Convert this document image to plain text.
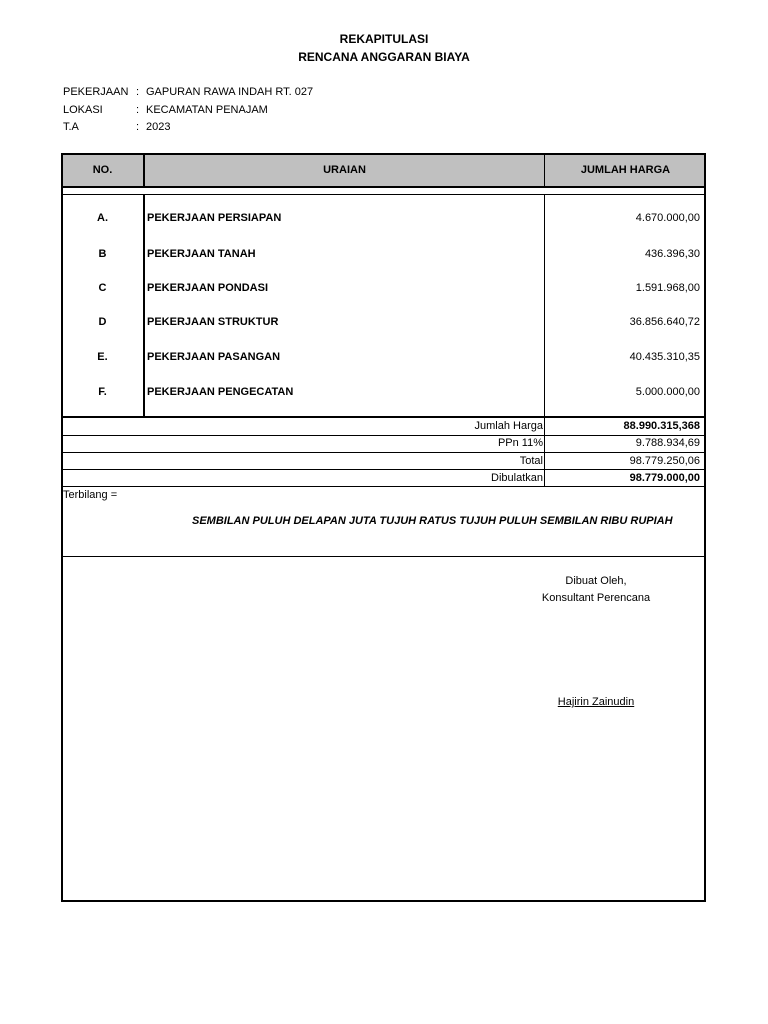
REKAPITULASI
RENCANA ANGGARAN BIAYA
PEKERJAAN : GAPURAN RAWA INDAH RT. 027
LOKASI	: KECAMATAN PENAJAM
T.A	: 2023
NO.	URAIAN	JUMLAH HARGA
A.	PEKERJAAN PERSIAPAN	4.670.000,00
B	PEKERJAAN TANAH	436.396,30
C	PEKERJAAN PONDASI	1.591.968,00
D	PEKERJAAN STRUKTUR	36.856.640,72
E.	PEKERJAAN PASANGAN	40.435.310,35
F.	PEKERJAAN PENGECATAN	5.000.000,00
Jumlah Harga	88.990.315,368
PPn 11%	9.788.934,69
Total	98.779.250,06
Dibulatkan	98.779.000,00
Terbilang =
SEMBILAN PULUH DELAPAN JUTA TUJUH RATUS TUJUH PULUH SEMBILAN RIBU RUPIAH
Dibuat Oleh,
Konsultant Perencana
Hajirin Zainudin
